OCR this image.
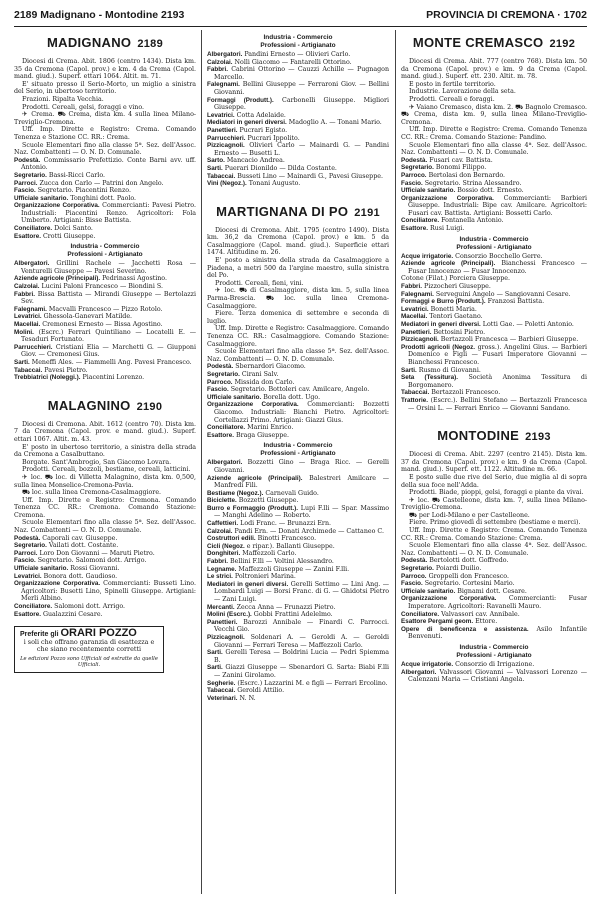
2189 Madignano - Montodine 2193	PROVINCIA DI CREMONA · 1702
MADIGNANO 2189

Diocesi di Crema. Abit. 1806 (centro 1434). Dista km. 35 da Cremona (Capol. prov.) e km. 4 da Crema (Capol. mand. giud.). Superf. ettari 1064. Altit. m. 71.

E' situato presso il Serio-Morto, un miglio a sinistra del Serio, in ubertoso territorio.

Frazioni. Ripalta Vecchia.

Prodotti. Cereali, gelsi, foraggi e vino.

✈ Crema. ⛟ Crema, dista km. 4 sulla linea Milano-Treviglio-Cremona.

Uff. Imp. Dirette e Registro: Crema. Comando Tenenza e Stazione CC. RR.: Crema.

Scuole Elementari fino alla classe 5ª. Sez. dell'Assoc. Naz. Combattenti — O. N. D. Comunale.

Podestà. Commissario Prefettizio. Conte Barni avv. uff. Antonio.

Segretario. Bassi-Ricci Carlo.

Parroci. Zucca don Carlo — Patrini don Angelo.

Fascio. Segretario. Piacentini Renzo.

Ufficiale sanitario. Tonghini dott. Paolo.

Organizzazione Corporativa. Commercianti: Pavesi Pietro. Industriali: Piacentini Renzo. Agricoltori: Fola Umberto. Artigiani: Bisse Battista.

Conciliatore. Dolci Santo.

Esattore. Crotti Giuseppe.

Industria - Commercio
Professioni - Artigianato

Albergatori. Grillini Rachele — Jacchetti Rosa — Venturelli Giuseppe — Pavesi Severino.

Aziende agricole (Principali). Pedrinassi Agostino.

Calzolai. Lucini Paloni Francesco — Biondini S.

Fabbri. Bissa Battista — Mirandi Giuseppe — Bertolazzi Sev.

Falegnami. Macvalli Francesco — Pizzo Rotolo.

Levatrici. Ghessola-Ganevari Matilde.

Macellai. Cremonesi Ernesto — Bissa Agostino.

Molini. (Escrc.) Ferrari Quintiliano — Locatelli E. — Tesaduri Fortunato.

Parrucchieri. Cristiani Elia — Marchetti G. — Giupponi Giov. — Cremonesi Gius.

Sarti. Meneffi Ales. — Fiammelli Ang. Pavesi Francesco.

Tabaccai. Pavesi Pietro.

Trebbiatrici (Noleggi.). Piacentini Lorenzo.

MALAGNINO 2190

Diocesi di Cremona. Abit. 1612 (centro 70). Dista km. 7 da Cremona (Capol. prov. e mand. giud.). Superf. ettari 1067. Altit. m. 43.

E' posto in ubertoso territorio, a sinistra della strada da Cremona a Casalbuttano.

Borgate. Sant'Ambrogio, San Giacomo Lovara.

Prodotti. Cereali, bozzoli, bestiame, cereali, latticini.

✈ loc. ⛟ loc. di Villetta Malagnino, dista km. 0,500, sulla linea Monselice-Cremona-Pavia.

⛟ loc. sulla linea Cremona-Casalmaggiore.

Uff. Imp. Dirette e Registro: Cremona. Comando Tenenza CC. RR.: Cremona. Comando Stazione: Cremona.

Scuole Elementari fino alla classe 5ª. Sez. dell'Assoc. Naz. Combattenti — O. N. D. Comunale.

Podestà. Caporali cav. Giuseppe.

Segretario. Vailati dott. Costante.

Parroci. Loro Don Giovanni — Maruti Pietro.

Fascio. Segretario. Salomoni dott. Arrigo.

Ufficiale sanitario. Rossi Giovanni.

Levatrici. Bonora dott. Gaudioso.

Organizzazione Corporativa. Commercianti: Busseti Lino. Agricoltori: Busetti Lino, Spinelli Giuseppe. Artigiani: Merli Albino.

Conciliatore. Salomoni dott. Arrigo.

Esattore. Gualazzini Cesare.

Preferite gli ORARI POZZO
i soli che offrano garanzia di esattezza e che siano recentemente corretti
Le edizioni Pozzo sono Ufficiali od estratte da quelle Ufficiali.
Industria - Commercio
Professioni - Artigianato

Albergatori. Pandini Ernesto — Olivieri Carlo.

Calzolai. Nolli Giacomo — Fantarelli Ottorino.

Fabbri. Cabrini Ottorino — Cauzzi Achille — Pugnagon Marcello.

Falegnami. Bellini Giuseppe — Ferraroni Giov. — Bellini Giovanni.

Formaggi (Produtt.). Carbonelli Giuseppe. Migliori Giuseppe.

Levatrici. Cotta Adelaide.

Mediatori in generi diversi. Madoglio A. — Tonani Mario.

Panettieri. Pucrari Egisto.

Parrucchieri. Pucrari Ippolito.

Pizzicagnoli. Olivieri Carlo — Mainardi G. — Pandini Ernesto — Busetti L.

Sarto. Mancacio Andrea.

Sarti. Puerari Dionildo — Dilda Costante.

Tabaccai. Busseti Lino — Mainardi G., Pavesi Giuseppe.

Vini (Negoz.). Tonani Augusto.

MARTIGNANA DI PO 2191

Diocesi di Cremona. Abit. 1795 (centro 1490). Dista km. 36,2 da Cremona (Capol. prov.) e km. 5 da Casalmaggiore (Capol. mand. giud.). Superficie ettari 1474. Altitudine m. 26.

E' posto a sinistra della strada da Casalmaggiore a Piadena, a metri 500 da l'argine maestro, sulla sinistra del Po.

Prodotti. Cereali, fieni, vini.

✈ loc. ⛟ di Casalmaggiore, dista km. 5, sulla linea Parma-Brescia. ⛟ loc. sulla linea Cremona-Casalmaggiore.

Fiere. Terza domenica di settembre e seconda di luglio.

Uff. Imp. Dirette e Registro: Casalmaggiore. Comando Tenenza CC. RR.: Casalmaggiore. Comando Stazione: Casalmaggiore.

Scuole Elementari fino alla classe 5ª. Sez. dell'Assoc. Naz. Combattenti — O. N. D. Comunale.

Podestà. Sbernardori Giacomo.

Segretario. Cirani Salv.

Parroco. Missida don Carlo.

Fascio. Segretario. Bottoleri cav. Amilcare, Angelo.

Ufficiale sanitario. Borella dott. Ugo.

Organizzazione Corporativa. Commercianti: Bozzetti Giacomo. Industriali: Bianchi Pietro. Agricoltori: Cortellazzi Primo. Artigiani: Giazzi Gius.

Conciliatore. Marini Enrico.

Esattore. Braga Giuseppe.

Industria - Commercio
Professioni - Artigianato

Albergatori. Bozzetti Gino — Braga Ricc. — Gerelli Giovanni.

Aziende agricole (Principali). Balestreri Amilcare — Manfredi Fili.

Bestiame (Negoz.). Carnevali Guido.

Biciclette. Bozzetti Giuseppe.

Burro e Formaggio (Produtt.). Lupi F.lli — Spar. Massimo — Manghi Adelino — Roberto.

Caffettieri. Lodi Franc. — Brunazzi Ern.

Calzolai. Pandi Ern. — Donati Archimede — Cattaneo C.

Costruttori edili. Binotti Francesco.

Cicli (Negoz. e ripar.). Ballanti Giuseppe.

Donghiteri. Maffezzoli Carlo.

Fabbri. Bellini F.lli — Voltini Alessandro.

Legname. Maffezzoli Giuseppe — Zanini F.lli.

Le strici. Poltronieri Marina.

Mediatori in generi diversi. Gerelli Settimo — Lini Ang. — Lombardi Luigi — Borsi Franc. di G. — Ghidotsi Pietro — Zani Luigi.

Mercanti. Zecca Anna — Frunazzi Pietro.

Molini (Escrc.). Gobbi Frattini Adelelmo.

Panettieri. Barozzi Annibale — Finardi C. Parrocci. Vecchi Gio.

Pizzicagnoli. Soldenari A. — Geroldi A. — Geroldi Giovanni — Ferrari Teresa — Maffezzoli Carlo.

Sarti. Gerelli Teresa — Boldrini Lucia — Pedri Spiemma B.

Sarti. Giazzi Giuseppe — Sbenardori G. Sarta: Biabi F.lli — Zanini Girolamo.

Segherie. (Escrc.) Lazzarini M. e figli — Ferrari Ercolino.

Tabaccai. Geroldi Attilio.

Veterinari. N. N.

MONTE CREMASCO 2192

Diocesi di Crema. Abit. 777 (centro 768). Dista km. 50 da Cremona (Capol. prov.) e km. 9 da Crema (Capol. mand. giud.). Superf. ett. 230. Altit. m. 78.

E posto in fertile territorio.

Industrie. Lavorazione della seta.

Prodotti. Cereali e foraggi.

✈ Vaiano Cremasco, dista km. 2. ⛟ Bagnolo Cremasco. ⛟ Crema, dista km. 9, sulla linea Milano-Treviglio-Cremona.

Uff. Imp. Dirette e Registro: Crema. Comando Tenenza CC. RR.: Crema. Comando Stazione: Pandino.

Scuole Elementari fino alla classe 4ª. Sez. dell'Assoc. Naz. Combattenti — O. N. D. Comunale.

Podestà. Fusari cav. Battista.

Segretario. Bonomi Filippo.

Parroco. Bertolasi don Bernardo.

Fascio. Segretario. Strina Alessandro.

Ufficiale sanitario. Bossio dott. Ernesto.

Organizzazione Corporativa. Commercianti: Barbieri Giuseppe. Industriali: Bipe cav. Amilcare. Agricoltori: Fusari cav. Battista. Artigiani: Bossetti Carlo.

Conciliatore. Fontanella Antonio.

Esattore. Rusi Luigi.

Industria - Commercio
Professioni - Artigianato

Acque irrigatorie. Consorzio Bocchello Gerre.

Aziende agricole (Principali). Bianchessi Francesco — Fusar Innocenzo — Fusar Innocenzo.

Cotone (Filat.) Porciera Giuseppe.

Fabbri. Pizzocheri Giuseppe.

Falegnami. Serveguini Angelo — Sangiovanni Cesare.

Formaggi e Burro (Produtt.). Franzosi Battista.

Levatrici. Bonetti Maria.

Macellai. Tentori Gaetano.

Mediatori in generi diversi. Lotti Gae. — Poletti Antonio.

Panettieri. Bettosini Pietro.

Pizzicagnoli. Bertazzoli Francesca — Barbieri Giuseppe.

Prodotti agricoli (Negoz. gross.). Angelini Gius. — Barbieri Domenico e Figli — Fusari Imperatore Giovanni — Bianchessi Francesco.

Sarti. Rusmo di Giovanni.

Seta (Tessitura). Società Anonima Tessitura di Borgomanero.

Tabaccai. Bertazzoli Francesco.

Trattorie. (Escrc.). Bellini Stefano — Bertazzoli Francesca — Orsini L. — Ferrari Enrico — Giovanni Sandano.

MONTODINE 2193

Diocesi di Crema. Abit. 2297 (centro 2145). Dista km. 37 da Cremona (Capol. prov.) e km. 9 da Crema (Capol. mand. giud.). Superf. ett. 1122. Altitudine m. 66.

E posto sulle due rive del Serio, due miglia al di sopra della sua foce nell'Adda.

Prodotti. Biade, pioppi, gelsi, foraggi e piante da vivai.

✈ loc. ⛟ Castelleone, dista km. 7, sulla linea Milano-Treviglio-Cremona.

⛟ per Lodi-Milano e per Castelleone.

Fiere. Primo giovedì di settembre (bestiame e merci).

Uff. Imp. Dirette e Registro: Crema. Comando Tenenza CC. RR.: Crema. Comando Stazione: Crema.

Scuole Elementari fino alla classe 4ª. Sez. dell'Assoc. Naz. Combattenti — O. N. D. Comunale.

Podestà. Bertolotti dott. Goffredo.

Segretario. Poiardi Duilio.

Parroco. Groppelli don Francesco.

Fascio. Segretario. Cortesini Mario.

Ufficiale sanitario. Bignami dott. Cesare.

Organizzazione Corporativa. Commercianti: Fusar Imperatore. Agricoltori: Ravanelli Mauro.

Conciliatore. Valvassori cav. Annibale.

Esattore Pergami geom. Ettore.

Opere di beneficenza e assistenza. Asilo Infantile Benvenuti.

Industria - Commercio
Professioni - Artigianato

Acque irrigatorie. Consorzio di Irrigazione.

Albergatori. Valvassori Giovanni — Valvassori Lorenzo — Calenzani Maria — Cristiani Angela.
